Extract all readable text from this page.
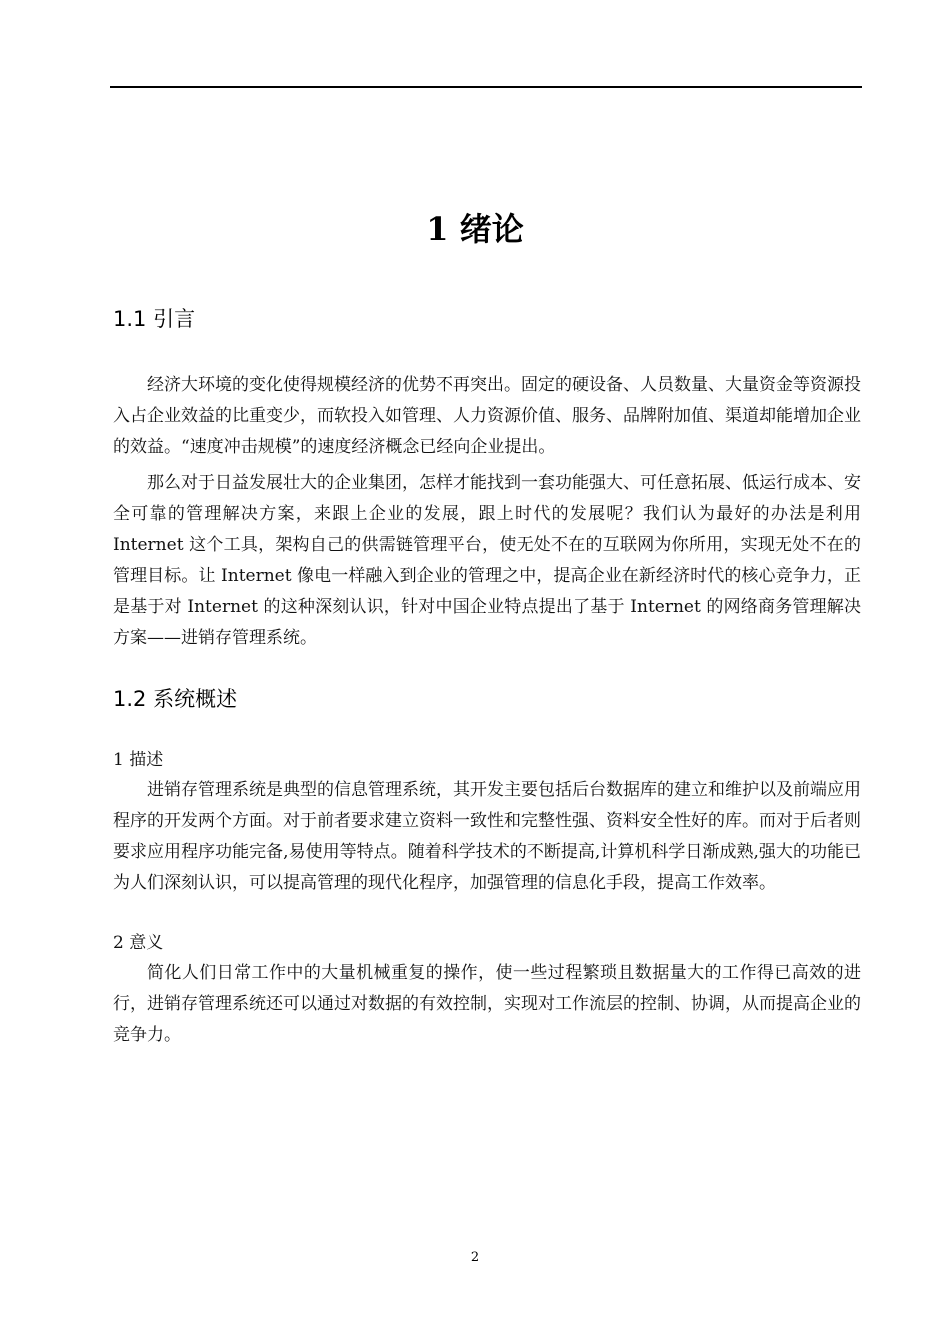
1 绪论
1.1 引言

经济大环境的变化使得规模经济的优势不再突出。固定的硬设备、人员数量、大量资金等资源投入占企业效益的比重变少，而软投入如管理、人力资源价值、服务、品牌附加值、渠道却能增加企业的效益。“速度冲击规模”的速度经济概念已经向企业提出。

那么对于日益发展壮大的企业集团，怎样才能找到一套功能强大、可任意拓展、低运行成本、安全可靠的管理解决方案，来跟上企业的发展，跟上时代的发展呢？我们认为最好的办法是利用 Internet 这个工具，架构自己的供需链管理平台，使无处不在的互联网为你所用，实现无处不在的管理目标。让 Internet 像电一样融入到企业的管理之中，提高企业在新经济时代的核心竞争力，正是基于对 Internet 的这种深刻认识，针对中国企业特点提出了基于 Internet 的网络商务管理解决方案——进销存管理系统。

1.2 系统概述
1 描述

进销存管理系统是典型的信息管理系统，其开发主要包括后台数据库的建立和维护以及前端应用程序的开发两个方面。对于前者要求建立资料一致性和完整性强、资料安全性好的库。而对于后者则要求应用程序功能完备,易使用等特点。随着科学技术的不断提高,计算机科学日渐成熟,强大的功能已为人们深刻认识，可以提高管理的现代化程序，加强管理的信息化手段，提高工作效率。

2 意义

简化人们日常工作中的大量机械重复的操作，使一些过程繁琐且数据量大的工作得已高效的进行，进销存管理系统还可以通过对数据的有效控制，实现对工作流层的控制、协调，从而提高企业的竞争力。

2
